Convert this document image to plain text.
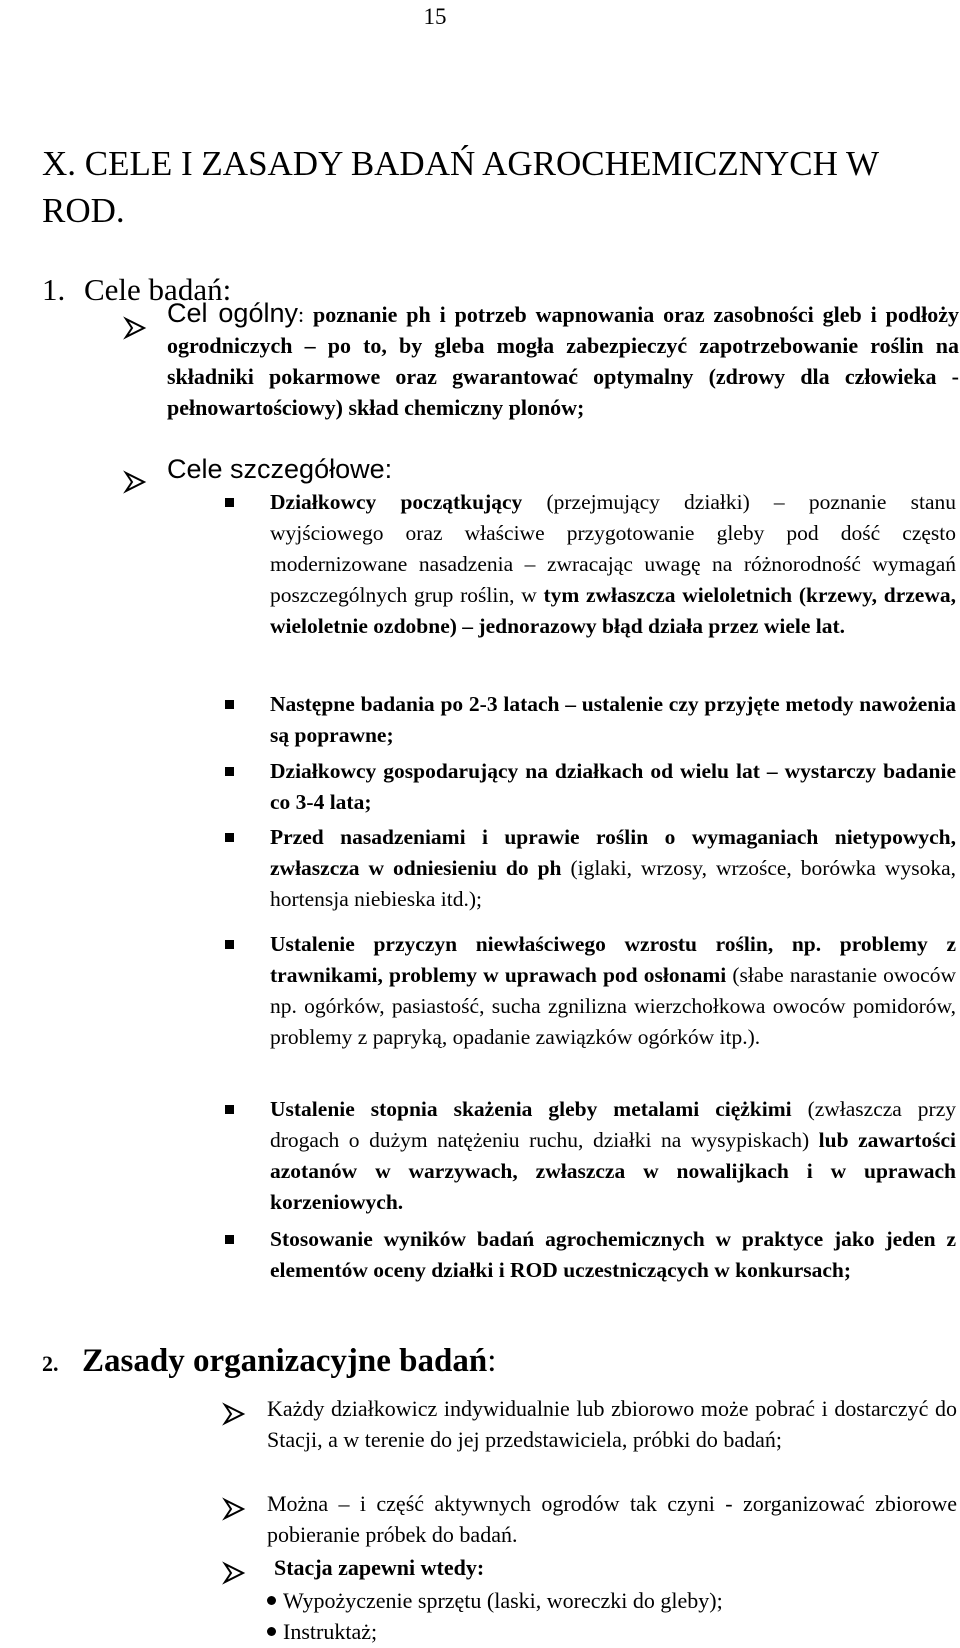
15
X. CELE I ZASADY BADAŃ AGROCHEMICZNYCH W ROD.
1. Cele badań:
Cel ogólny: poznanie ph i potrzeb wapnowania oraz zasobności gleb i podłoży ogrodniczych – po to, by gleba mogła zabezpieczyć zapotrzebowanie roślin na składniki pokarmowe oraz gwarantować optymalny (zdrowy dla człowieka - pełnowartościowy) skład chemiczny plonów;
Cele szczegółowe:
Działkowcy początkujący (przejmujący działki) – poznanie stanu wyjściowego oraz właściwe przygotowanie gleby pod dość często modernizowane nasadzenia – zwracając uwagę na różnorodność wymagań poszczególnych grup roślin, w tym zwłaszcza wieloletnich (krzewy, drzewa, wieloletnie ozdobne) – jednorazowy błąd działa przez wiele lat.
Następne badania po 2-3 latach – ustalenie czy przyjęte metody nawożenia są poprawne;
Działkowcy gospodarujący na działkach od wielu lat – wystarczy badanie co 3-4 lata;
Przed nasadzeniami i uprawie roślin o wymaganiach nietypowych, zwłaszcza w odniesieniu do ph (iglaki, wrzosy, wrzośce, borówka wysoka, hortensja niebieska itd.);
Ustalenie przyczyn niewłaściwego wzrostu roślin, np. problemy z trawnikami, problemy w uprawach pod osłonami (słabe narastanie owoców np. ogórków, pasiastość, sucha zgnilizna wierzchołkowa owoców pomidorów, problemy z papryką, opadanie zawiązków ogórków itp.).
Ustalenie stopnia skażenia gleby metalami ciężkimi (zwłaszcza przy drogach o dużym natężeniu ruchu, działki na wysypiskach) lub zawartości azotanów w warzywach, zwłaszcza w nowalijkach i w uprawach korzeniowych.
Stosowanie wyników badań agrochemicznych w praktyce jako jeden z elementów oceny działki i ROD uczestniczących w konkursach;
2. Zasady organizacyjne badań:
Każdy działkowicz indywidualnie lub zbiorowo może pobrać i dostarczyć do Stacji, a w terenie do jej przedstawiciela, próbki do badań;
Można – i część aktywnych ogrodów tak czyni - zorganizować zbiorowe pobieranie próbek do badań.
Stacja zapewni wtedy:
Wypożyczenie sprzętu (laski, woreczki do gleby);
Instruktaż;
